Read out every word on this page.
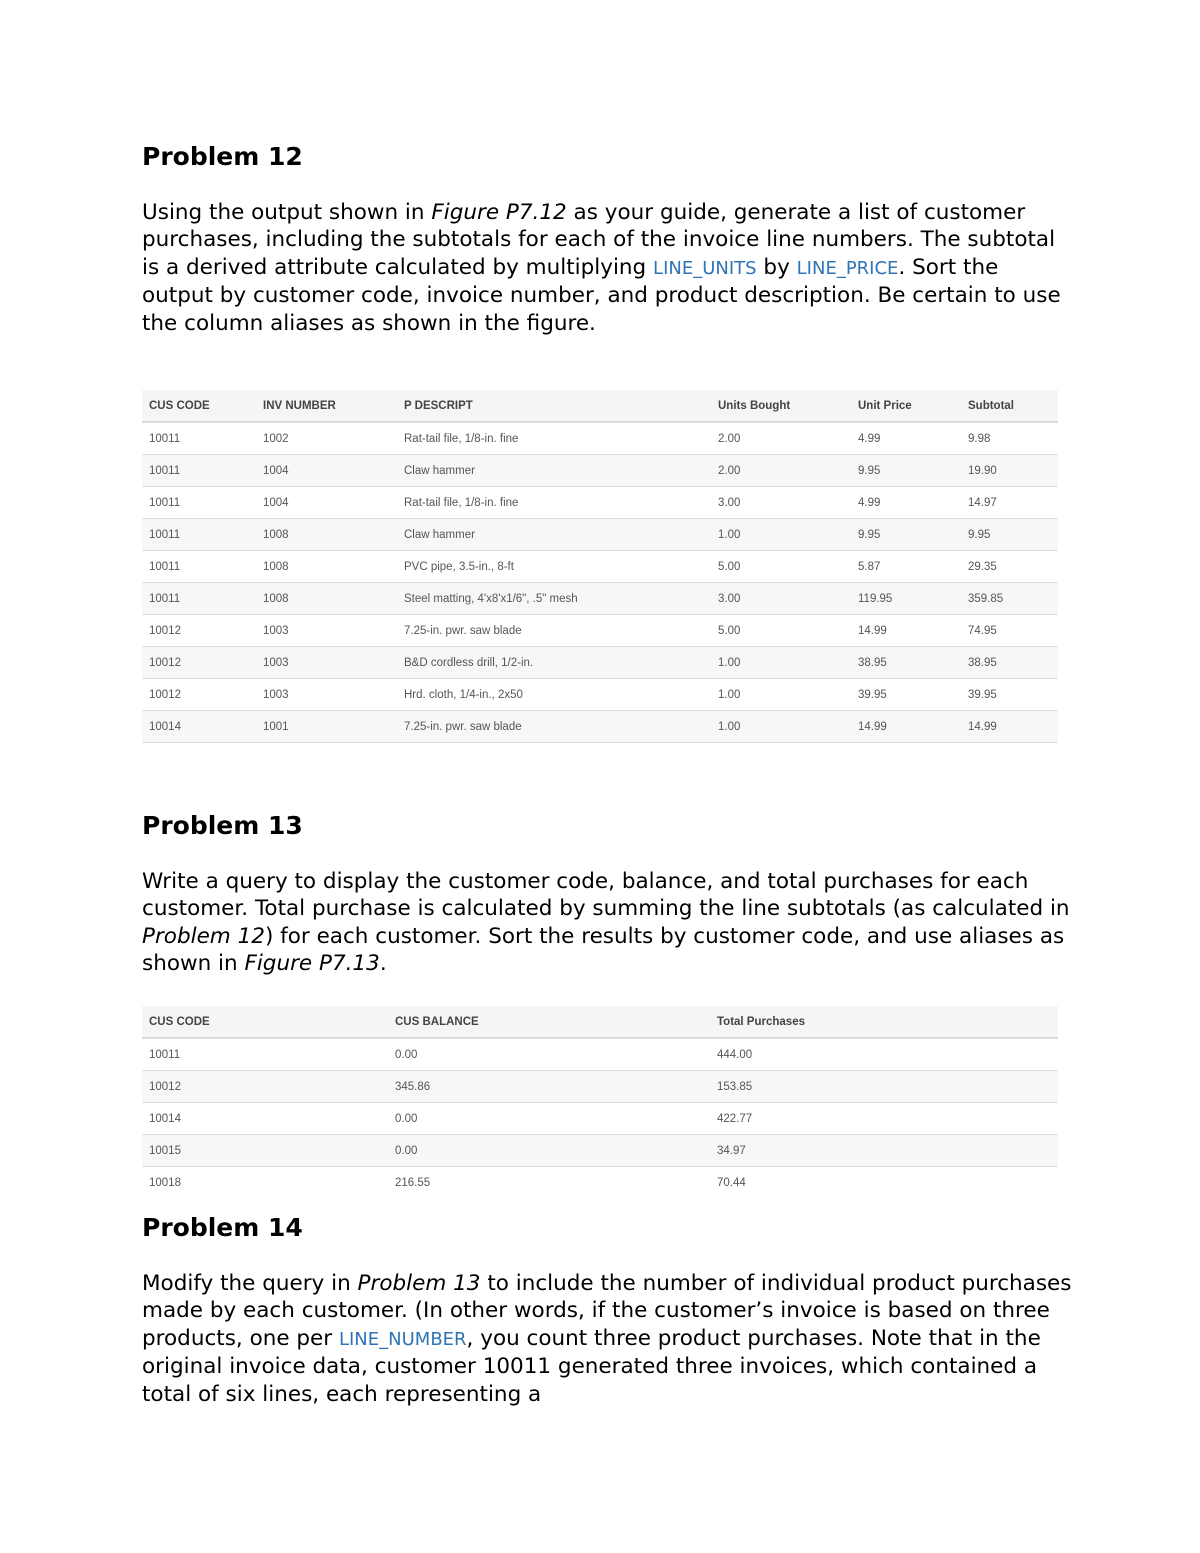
Problem 12

Using the output shown in Figure P7.12 as your guide, generate a list of customer purchases, including the subtotals for each of the invoice line numbers. The subtotal is a derived attribute calculated by multiplying LINE_UNITS by LINE_PRICE. Sort the output by customer code, invoice number, and product description. Be certain to use the column aliases as shown in the figure.

CUS CODE	INV NUMBER	P DESCRIPT	Units Bought	Unit Price	Subtotal
10011	1002	Rat-tail file, 1/8-in. fine	2.00	4.99	9.98
10011	1004	Claw hammer	2.00	9.95	19.90
10011	1004	Rat-tail file, 1/8-in. fine	3.00	4.99	14.97
10011	1008	Claw hammer	1.00	9.95	9.95
10011	1008	PVC pipe, 3.5-in., 8-ft	5.00	5.87	29.35
10011	1008	Steel matting, 4'x8'x1/6", .5" mesh	3.00	119.95	359.85
10012	1003	7.25-in. pwr. saw blade	5.00	14.99	74.95
10012	1003	B&D cordless drill, 1/2-in.	1.00	38.95	38.95
10012	1003	Hrd. cloth, 1/4-in., 2x50	1.00	39.95	39.95
10014	1001	7.25-in. pwr. saw blade	1.00	14.99	14.99
Problem 13

Write a query to display the customer code, balance, and total purchases for each customer. Total purchase is calculated by summing the line subtotals (as calculated in Problem 12) for each customer. Sort the results by customer code, and use aliases as shown in Figure P7.13.

CUS CODE	CUS BALANCE	Total Purchases
10011	0.00	444.00
10012	345.86	153.85
10014	0.00	422.77
10015	0.00	34.97
10018	216.55	70.44
Problem 14

Modify the query in Problem 13 to include the number of individual product purchases made by each customer. (In other words, if the customer’s invoice is based on three products, one per LINE_NUMBER, you count three product purchases. Note that in the original invoice data, customer 10011 generated three invoices, which contained a total of six lines, each representing a
